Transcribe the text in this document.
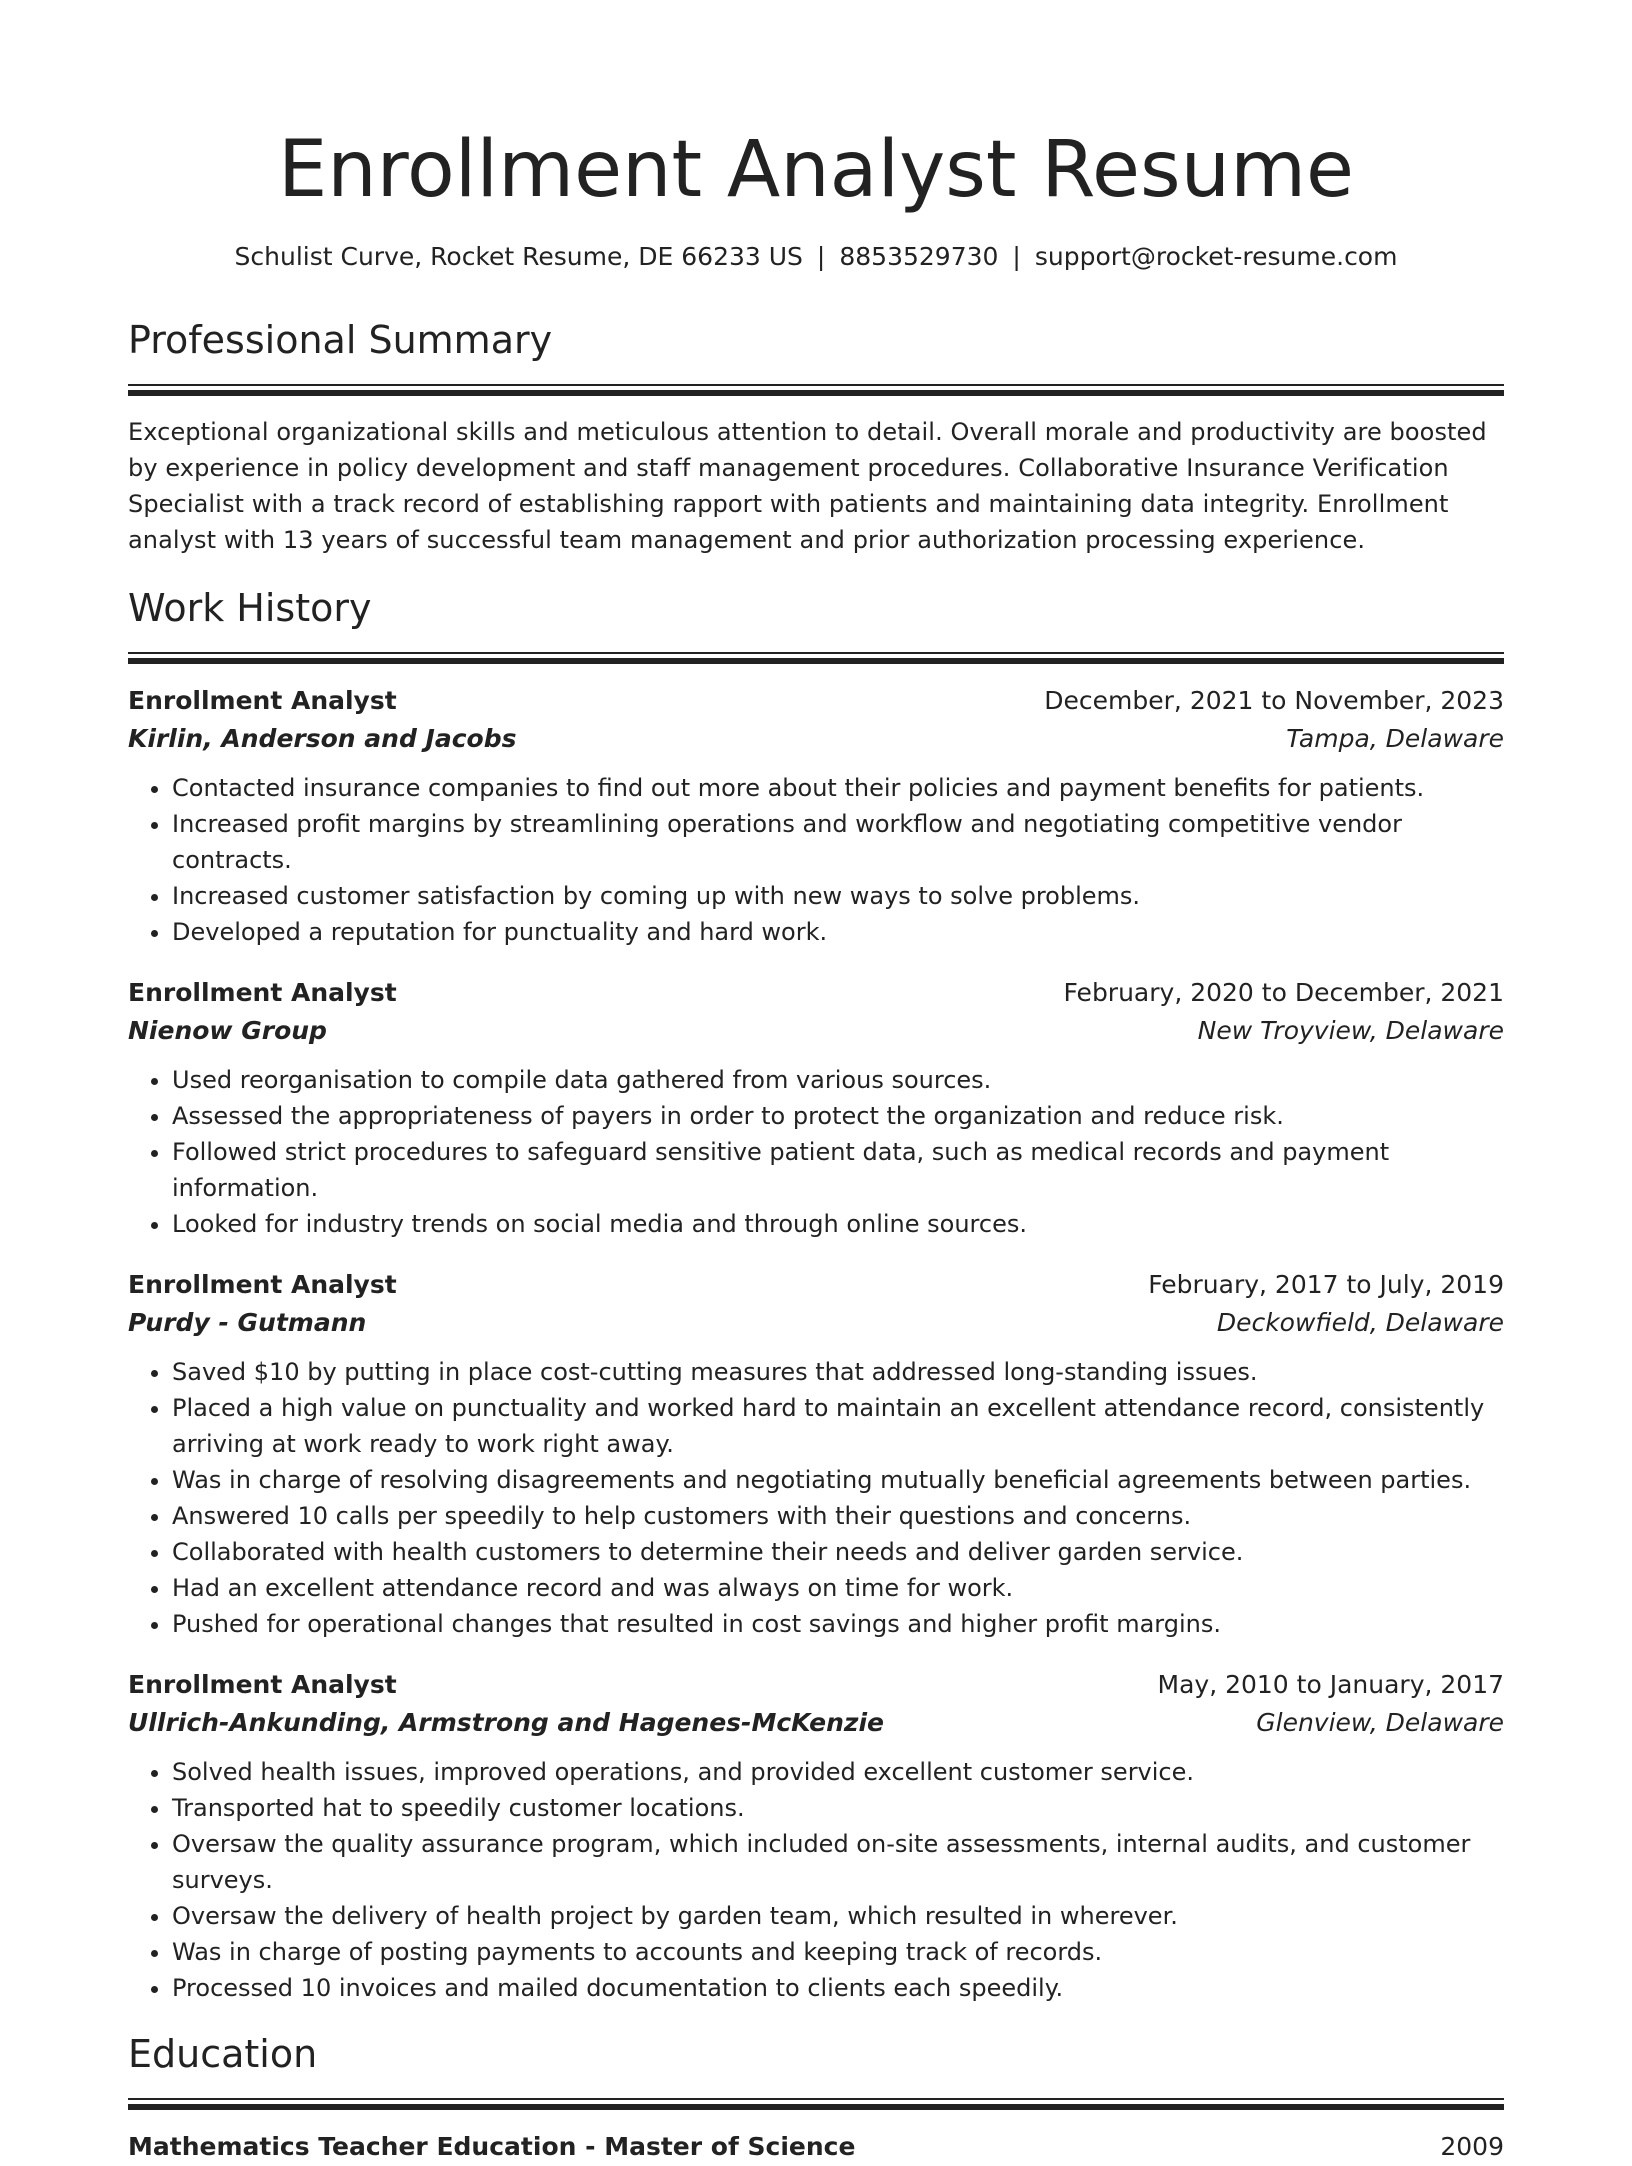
Enrollment Analyst Resume
Schulist Curve, Rocket Resume, DE 66233 US | 8853529730 | support@rocket-resume.com
Professional Summary

Exceptional organizational skills and meticulous attention to detail. Overall morale and productivity are boosted by experience in policy development and staff management procedures. Collaborative Insurance Verification Specialist with a track record of establishing rapport with patients and maintaining data integrity. Enrollment analyst with 13 years of successful team management and prior authorization processing experience.

Work History
Enrollment Analyst	December, 2021 to November, 2023
Kirlin, Anderson and Jacobs	Tampa, Delaware
• Contacted insurance companies to find out more about their policies and payment benefits for patients.
• Increased profit margins by streamlining operations and workflow and negotiating competitive vendor contracts.
• Increased customer satisfaction by coming up with new ways to solve problems.
• Developed a reputation for punctuality and hard work.
Enrollment Analyst	February, 2020 to December, 2021
Nienow Group	New Troyview, Delaware
• Used reorganisation to compile data gathered from various sources.
• Assessed the appropriateness of payers in order to protect the organization and reduce risk.
• Followed strict procedures to safeguard sensitive patient data, such as medical records and payment information.
• Looked for industry trends on social media and through online sources.
Enrollment Analyst	February, 2017 to July, 2019
Purdy - Gutmann	Deckowfield, Delaware
• Saved $10 by putting in place cost-cutting measures that addressed long-standing issues.
• Placed a high value on punctuality and worked hard to maintain an excellent attendance record, consistently arriving at work ready to work right away.
• Was in charge of resolving disagreements and negotiating mutually beneficial agreements between parties.
• Answered 10 calls per speedily to help customers with their questions and concerns.
• Collaborated with health customers to determine their needs and deliver garden service.
• Had an excellent attendance record and was always on time for work.
• Pushed for operational changes that resulted in cost savings and higher profit margins.
Enrollment Analyst	May, 2010 to January, 2017
Ullrich-Ankunding, Armstrong and Hagenes-McKenzie	Glenview, Delaware
• Solved health issues, improved operations, and provided excellent customer service.
• Transported hat to speedily customer locations.
• Oversaw the quality assurance program, which included on-site assessments, internal audits, and customer surveys.
• Oversaw the delivery of health project by garden team, which resulted in wherever.
• Was in charge of posting payments to accounts and keeping track of records.
• Processed 10 invoices and mailed documentation to clients each speedily.
Education
Mathematics Teacher Education - Master of Science	2009
